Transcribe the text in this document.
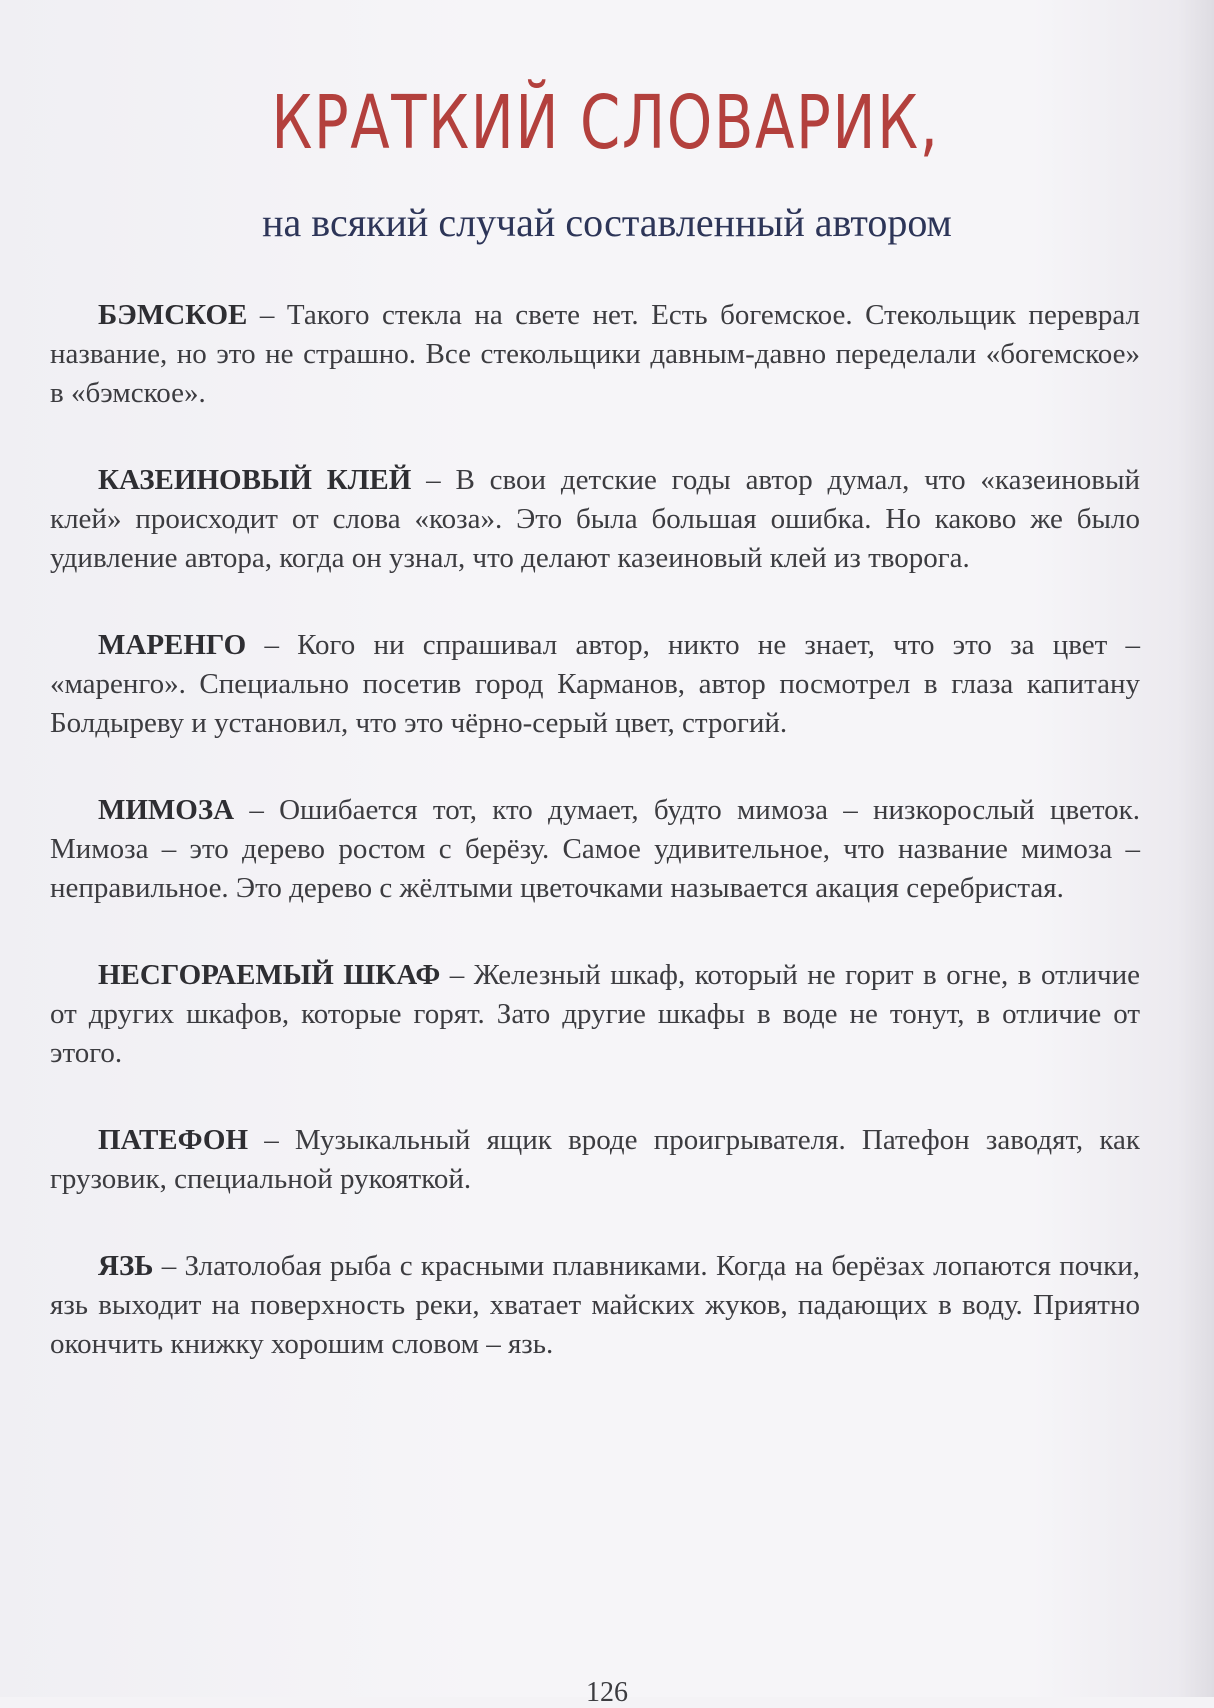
КРАТКИЙ СЛОВАРИК,
на всякий случай составленный автором

БЭМСКОЕ – Такого стекла на свете нет. Есть богемское. Стекольщик переврал название, но это не страшно. Все стекольщики давным-давно переделали «богемское» в «бэмское».

КАЗЕИНОВЫЙ КЛЕЙ – В свои детские годы автор думал, что «казеиновый клей» происходит от слова «коза». Это была большая ошибка. Но каково же было удивление автора, когда он узнал, что делают казеиновый клей из творога.

МАРЕНГО – Кого ни спрашивал автор, никто не знает, что это за цвет – «маренго». Специально посетив город Карманов, автор посмотрел в глаза капитану Болдыреву и установил, что это чёрно-серый цвет, строгий.

МИМОЗА – Ошибается тот, кто думает, будто мимоза – низкорослый цветок. Мимоза – это дерево ростом с берёзу. Самое удивительное, что название мимоза – неправильное. Это дерево с жёлтыми цветочками называется акация серебристая.

НЕСГОРАЕМЫЙ ШКАФ – Железный шкаф, который не горит в огне, в отличие от других шкафов, которые горят. Зато другие шкафы в воде не тонут, в отличие от этого.

ПАТЕФОН – Музыкальный ящик вроде проигрывателя. Патефон заводят, как грузовик, специальной рукояткой.

ЯЗЬ – Златолобая рыба с красными плавниками. Когда на берёзах лопаются почки, язь выходит на поверхность реки, хватает майских жуков, падающих в воду. Приятно окончить книжку хорошим словом – язь.

126
